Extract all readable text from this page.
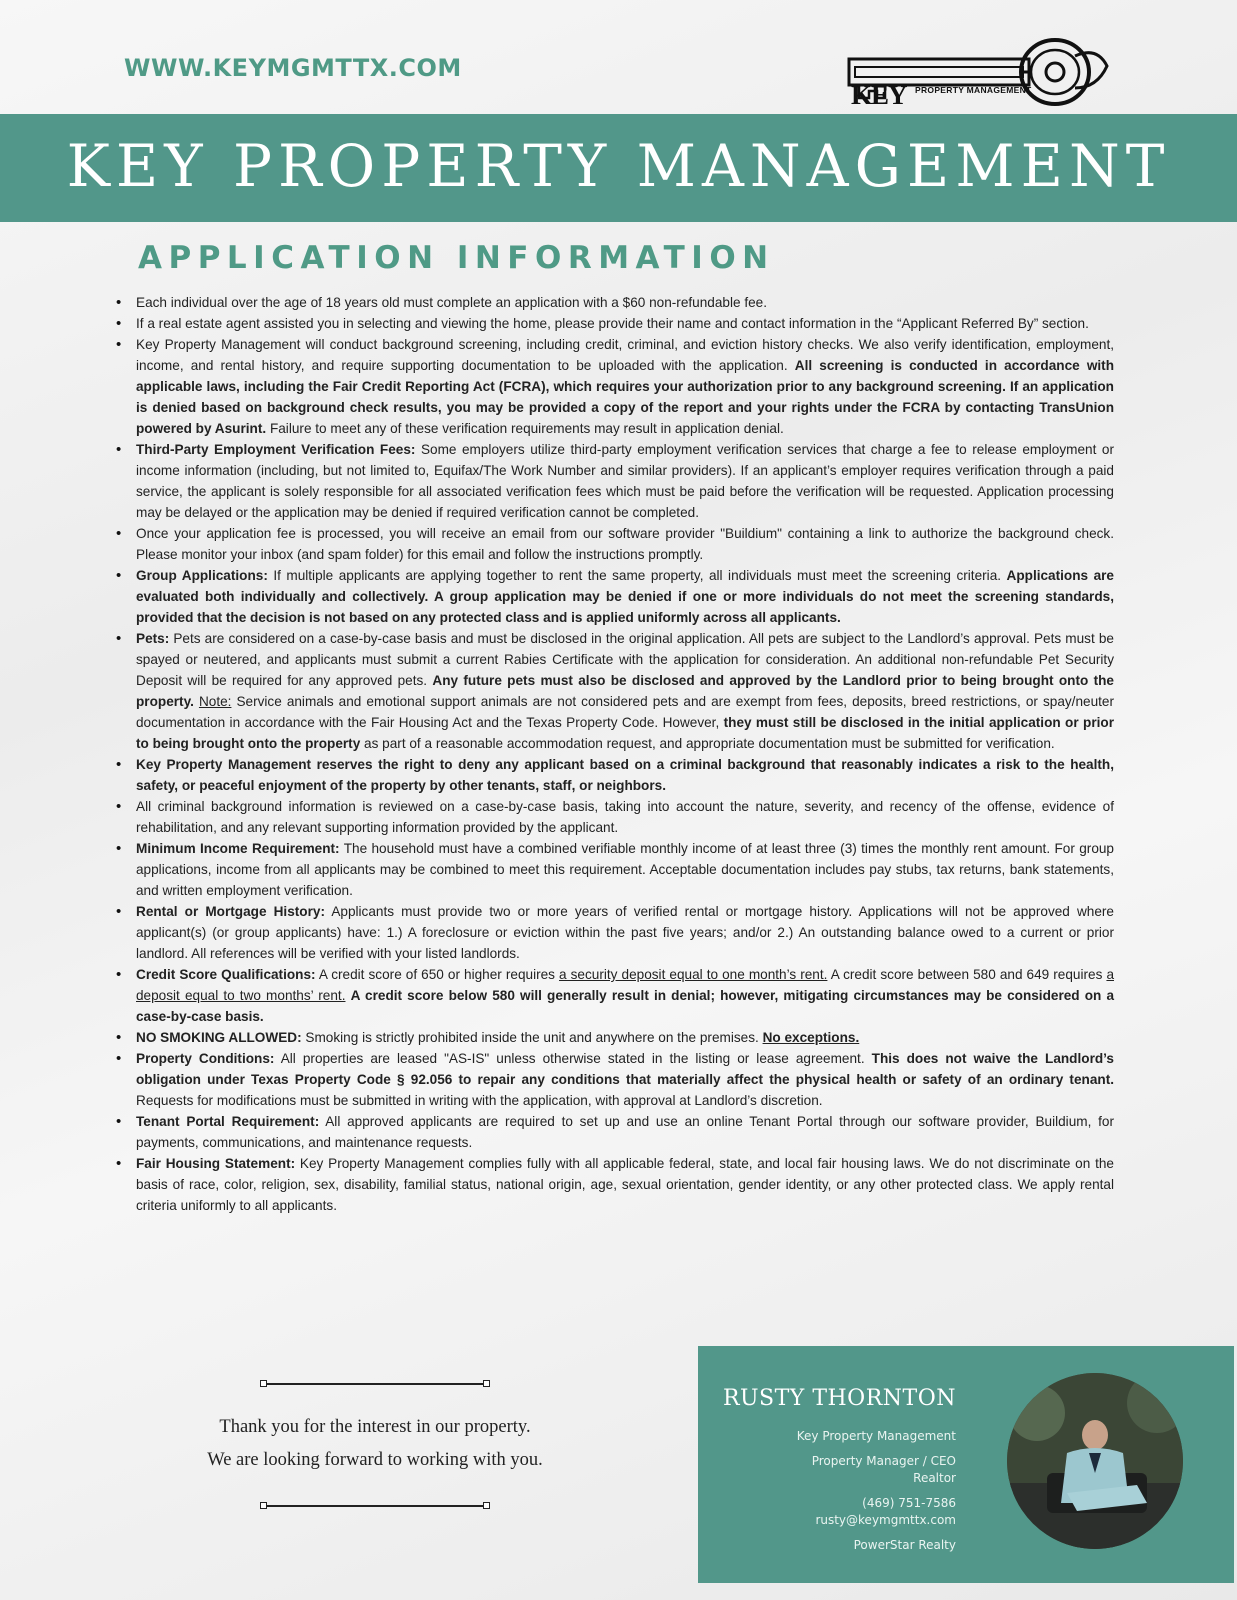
WWW.KEYMGMTTX.COM
KEY PROPERTY MANAGEMENT
KEY PROPERTY MANAGEMENT
APPLICATION INFORMATION
• Each individual over the age of 18 years old must complete an application with a $60 non-refundable fee.
• If a real estate agent assisted you in selecting and viewing the home, please provide their name and contact information in the “Applicant Referred By” section.
• Key Property Management will conduct background screening, including credit, criminal, and eviction history checks. We also verify identification, employment, income, and rental history, and require supporting documentation to be uploaded with the application. All screening is conducted in accordance with applicable laws, including the Fair Credit Reporting Act (FCRA), which requires your authorization prior to any background screening. If an application is denied based on background check results, you may be provided a copy of the report and your rights under the FCRA by contacting TransUnion powered by Asurint. Failure to meet any of these verification requirements may result in application denial.
• Third-Party Employment Verification Fees: Some employers utilize third-party employment verification services that charge a fee to release employment or income information (including, but not limited to, Equifax/The Work Number and similar providers). If an applicant’s employer requires verification through a paid service, the applicant is solely responsible for all associated verification fees which must be paid before the verification will be requested. Application processing may be delayed or the application may be denied if required verification cannot be completed.
• Once your application fee is processed, you will receive an email from our software provider "Buildium" containing a link to authorize the background check. Please monitor your inbox (and spam folder) for this email and follow the instructions promptly.
• Group Applications: If multiple applicants are applying together to rent the same property, all individuals must meet the screening criteria. Applications are evaluated both individually and collectively. A group application may be denied if one or more individuals do not meet the screening standards, provided that the decision is not based on any protected class and is applied uniformly across all applicants.
• Pets: Pets are considered on a case-by-case basis and must be disclosed in the original application. All pets are subject to the Landlord’s approval. Pets must be spayed or neutered, and applicants must submit a current Rabies Certificate with the application for consideration. An additional non-refundable Pet Security Deposit will be required for any approved pets. Any future pets must also be disclosed and approved by the Landlord prior to being brought onto the property. Note: Service animals and emotional support animals are not considered pets and are exempt from fees, deposits, breed restrictions, or spay/neuter documentation in accordance with the Fair Housing Act and the Texas Property Code. However, they must still be disclosed in the initial application or prior to being brought onto the property as part of a reasonable accommodation request, and appropriate documentation must be submitted for verification.
• Key Property Management reserves the right to deny any applicant based on a criminal background that reasonably indicates a risk to the health, safety, or peaceful enjoyment of the property by other tenants, staff, or neighbors.
• All criminal background information is reviewed on a case-by-case basis, taking into account the nature, severity, and recency of the offense, evidence of rehabilitation, and any relevant supporting information provided by the applicant.
• Minimum Income Requirement: The household must have a combined verifiable monthly income of at least three (3) times the monthly rent amount. For group applications, income from all applicants may be combined to meet this requirement. Acceptable documentation includes pay stubs, tax returns, bank statements, and written employment verification.
• Rental or Mortgage History: Applicants must provide two or more years of verified rental or mortgage history. Applications will not be approved where applicant(s) (or group applicants) have: 1.) A foreclosure or eviction within the past five years; and/or 2.) An outstanding balance owed to a current or prior landlord. All references will be verified with your listed landlords.
• Credit Score Qualifications: A credit score of 650 or higher requires a security deposit equal to one month’s rent. A credit score between 580 and 649 requires a deposit equal to two months’ rent. A credit score below 580 will generally result in denial; however, mitigating circumstances may be considered on a case-by-case basis.
• NO SMOKING ALLOWED: Smoking is strictly prohibited inside the unit and anywhere on the premises. No exceptions.
• Property Conditions: All properties are leased "AS-IS" unless otherwise stated in the listing or lease agreement. This does not waive the Landlord’s obligation under Texas Property Code § 92.056 to repair any conditions that materially affect the physical health or safety of an ordinary tenant. Requests for modifications must be submitted in writing with the application, with approval at Landlord’s discretion.
• Tenant Portal Requirement: All approved applicants are required to set up and use an online Tenant Portal through our software provider, Buildium, for payments, communications, and maintenance requests.
• Fair Housing Statement: Key Property Management complies fully with all applicable federal, state, and local fair housing laws. We do not discriminate on the basis of race, color, religion, sex, disability, familial status, national origin, age, sexual orientation, gender identity, or any other protected class. We apply rental criteria uniformly to all applicants.
Thank you for the interest in our property.
We are looking forward to working with you.
RUSTY THORNTON
Key Property Management
Property Manager / CEO
Realtor
(469) 751-7586
rusty@keymgmttx.com
PowerStar Realty
